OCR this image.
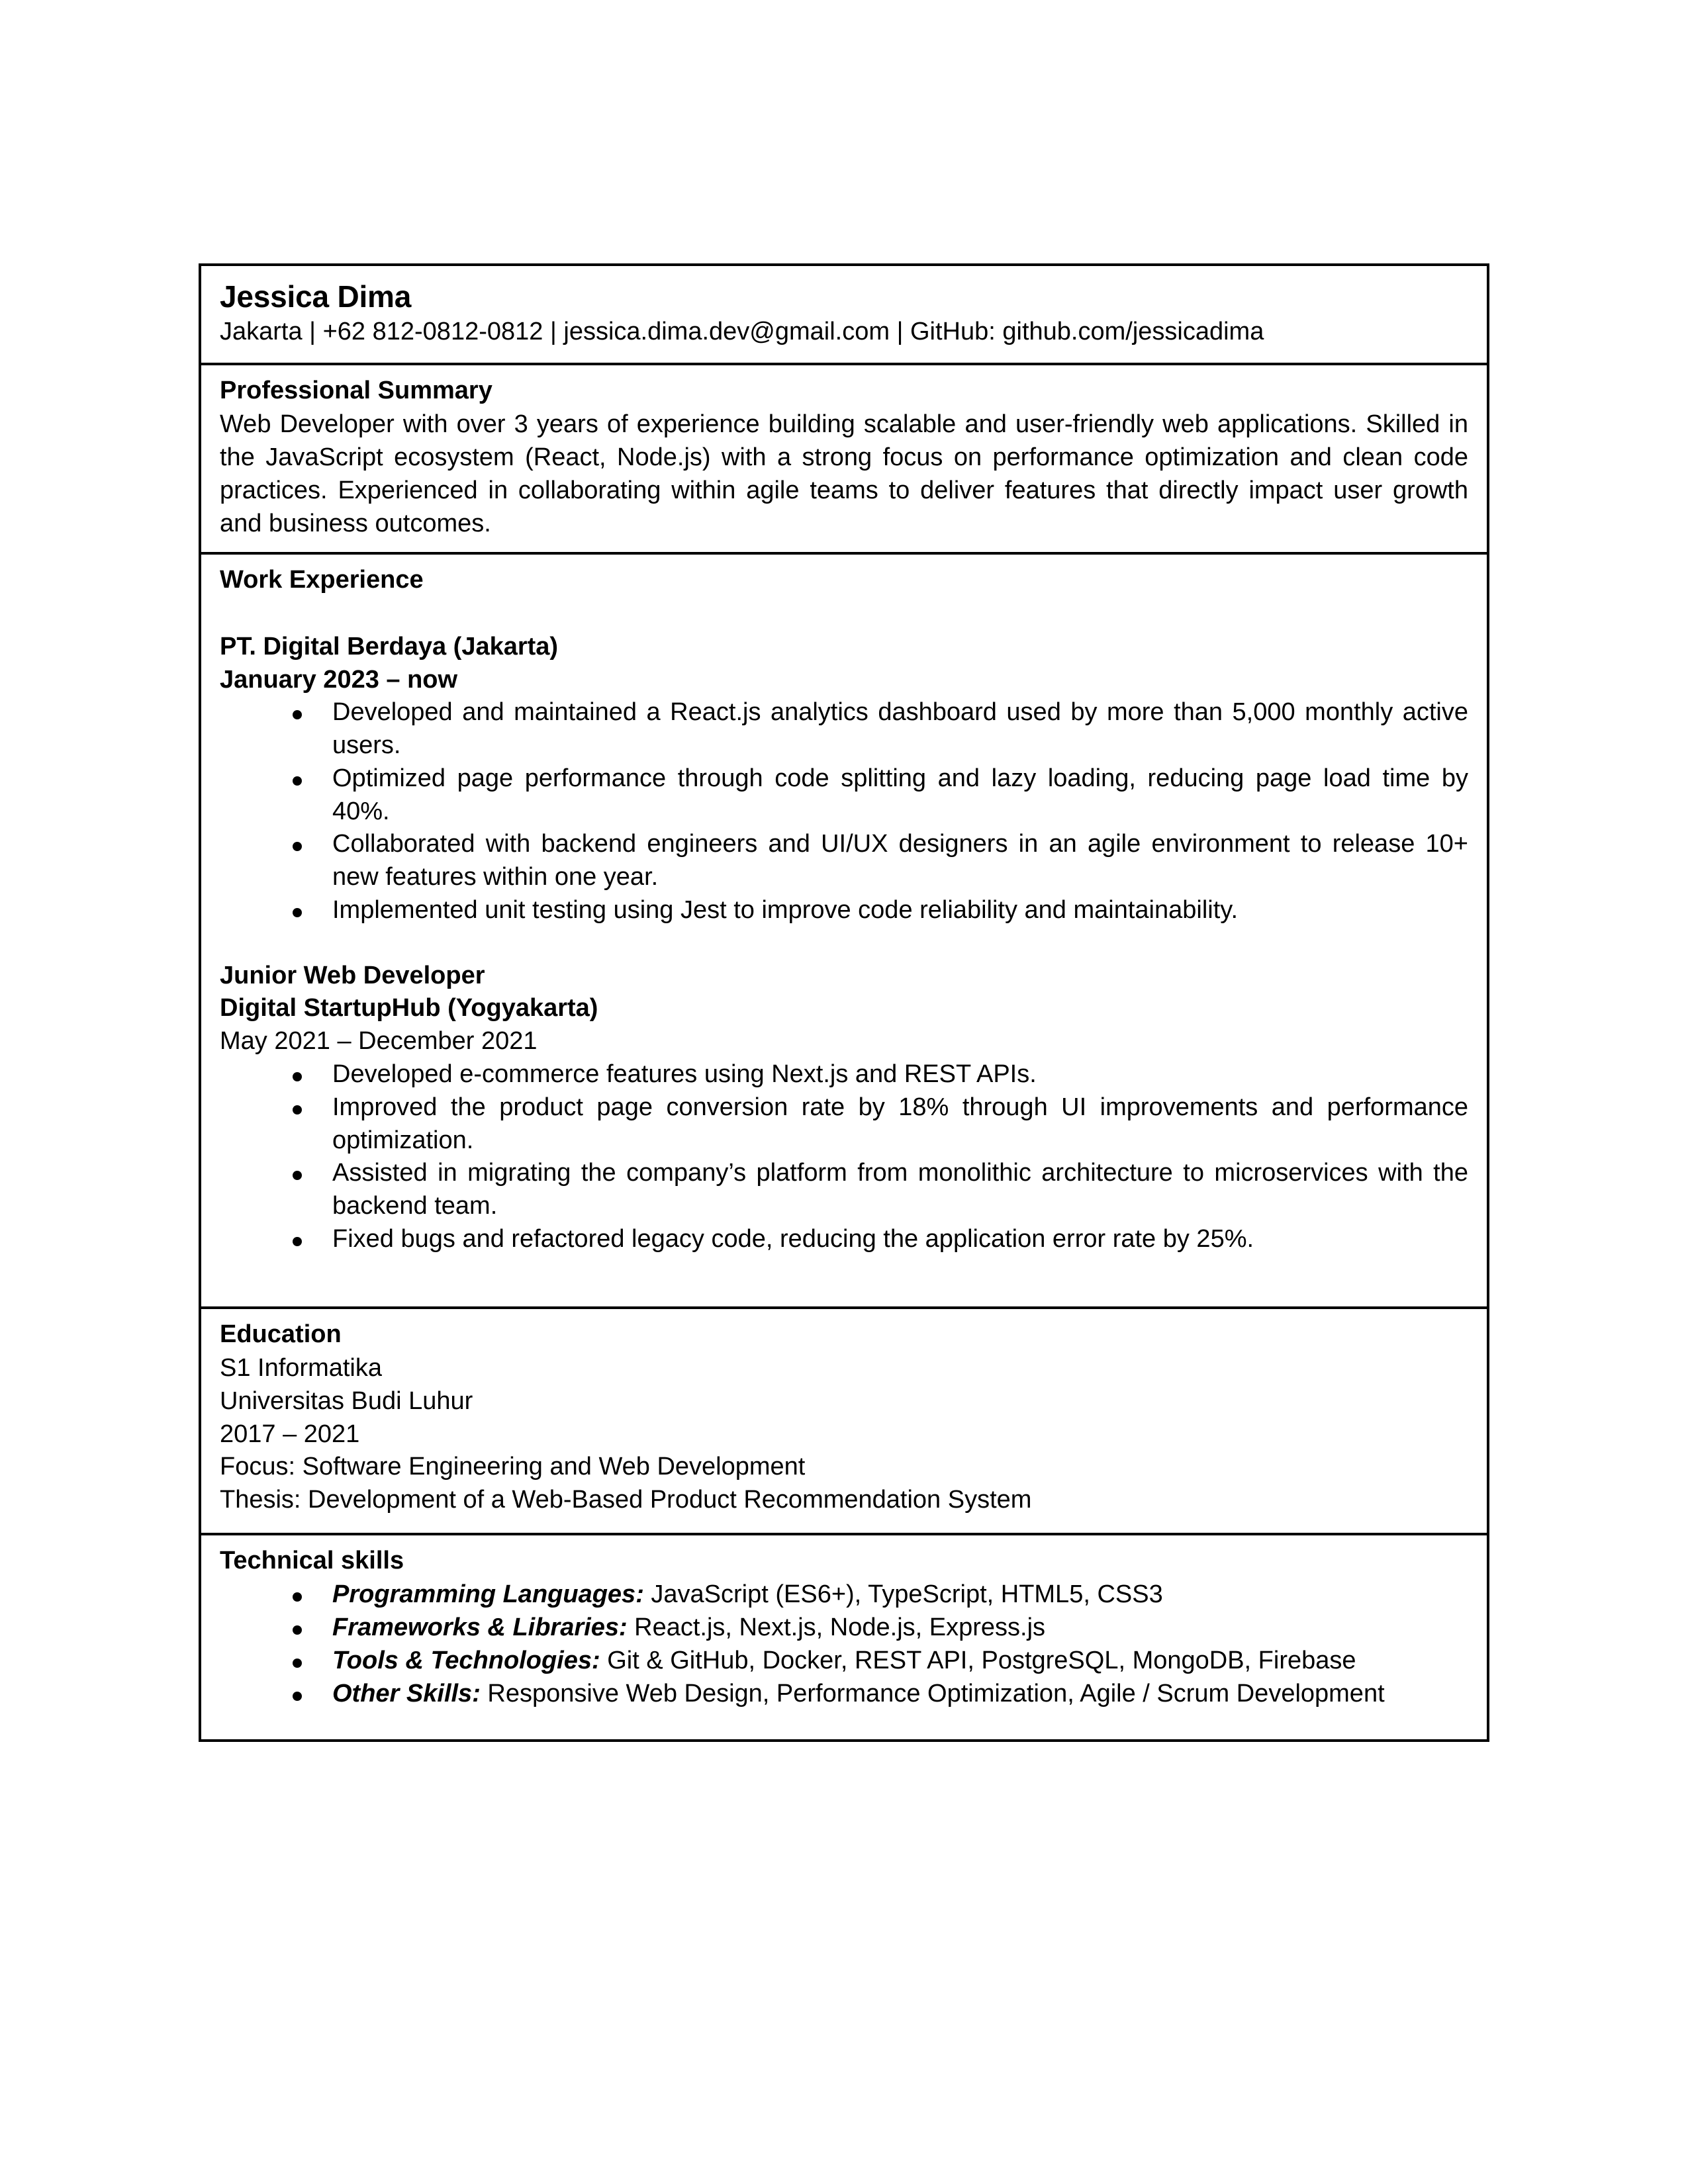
Jessica Dima
Jakarta | +62 812-0812-0812 | jessica.dima.dev@gmail.com | GitHub: github.com/jessicadima
Professional Summary

Web Developer with over 3 years of experience building scalable and user-friendly web applications. Skilled in the JavaScript ecosystem (React, Node.js) with a strong focus on performance optimization and clean code practices. Experienced in collaborating within agile teams to deliver features that directly impact user growth and business outcomes.

Work Experience

PT. Digital Berdaya (Jakarta)
January 2023 – now
Developed and maintained a React.js analytics dashboard used by more than 5,000 monthly active users.
Optimized page performance through code splitting and lazy loading, reducing page load time by 40%.
Collaborated with backend engineers and UI/UX designers in an agile environment to release 10+ new features within one year.
Implemented unit testing using Jest to improve code reliability and maintainability.

Junior Web Developer
Digital StartupHub (Yogyakarta)
May 2021 – December 2021
Developed e-commerce features using Next.js and REST APIs.
Improved the product page conversion rate by 18% through UI improvements and performance optimization.
Assisted in migrating the company’s platform from monolithic architecture to microservices with the backend team.
Fixed bugs and refactored legacy code, reducing the application error rate by 25%.
Education
S1 Informatika
Universitas Budi Luhur
2017 – 2021
Focus: Software Engineering and Web Development
Thesis: Development of a Web-Based Product Recommendation System
Technical skills
Programming Languages: JavaScript (ES6+), TypeScript, HTML5, CSS3
Frameworks & Libraries: React.js, Next.js, Node.js, Express.js
Tools & Technologies: Git & GitHub, Docker, REST API, PostgreSQL, MongoDB, Firebase
Other Skills: Responsive Web Design, Performance Optimization, Agile / Scrum Development
